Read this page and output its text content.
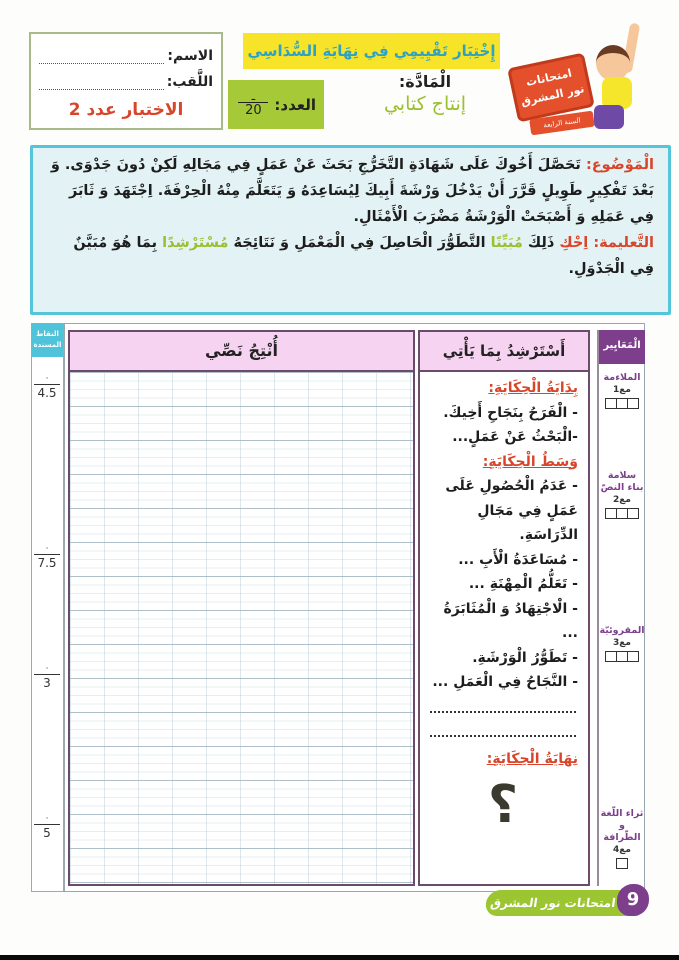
الاسم:
اللَّقب:
الاختبار عدد 2
إِخْتِبَار تَقْيِيمِي فِي نِهَايَةِ السُّدَاسِي
العدد:
$\frac{\text{ـ}}{20}$
الْمَادَّة:
إنتاج كتابي
امتحانات
نور المشرق
السنة الرابعة
الْمَوْضُوع: تَحَصَّلَ أَخُوكَ عَلَى شَهَادَةِ التَّخَرُّجِ بَحَثَ عَنْ عَمَلٍ فِي مَجَالِهِ لَكِنْ دُونَ جَدْوَى. وَ بَعْدَ تَفْكِيرٍ طَوِيلٍ قَرَّرَ أَنْ يَدْخُلَ وَرْشَةَ أَبِيكَ لِيُسَاعِدَهُ وَ يَتَعَلَّمَ مِنْهُ الْحِرْفَةَ. اِجْتَهَدَ وَ ثَابَرَ فِي عَمَلِهِ وَ أَصْبَحَتْ الْوَرْشَةُ مَضْرَبَ الْأَمْثَالِ.
التَّعليمة: اِحْكِ ذَلِكَ مُبَيِّنًا التَّطَوُّرَ الْحَاصِلَ فِي الْمَعْمَلِ وَ نَتَائِجَهُ مُسْتَرْشِدًا بِمَا هُوَ مُبَيَّنٌ فِي الْجَدْوَلِ.
النقاط المسندة
·
4.5
·
7.5
·
3
·
5
أُنْتِجُ نَصِّي	أَسْتَرْشِدُ بِمَا يَأْتِي
بِدَايَةُ الْحِكَايَةِ:
- الْفَرَحُ بِنَجَاحِ أَخِيكَ.
-الْبَحْثُ عَنْ عَمَلٍ...
وَسَطُ الْحِكَايَةِ:
- عَدَمُ الْحُصُولِ عَلَى
عَمَلٍ فِي مَجَالِ الدِّرَاسَةِ.
- مُسَاعَدَةُ الْأَبِ ...
- تَعَلُّمُ الْمِهْنَةِ ...
- الْاجْتِهَادُ وَ الْمُثَابَرَةُ ...
- تَطَوُّرُ الْوَرْشَةِ.
- النَّجَاحُ فِي الْعَمَلِ ...
نِهَايَةُ الْحِكَايَةِ:
؟
الْمَعَايِير
الملاءمة
مع1
سلامة بناء النصّ
مع2
المقروئيّة
مع3
ثراء اللّغة و الطّرافة
مع4
امتحانات نور المشرق 9
